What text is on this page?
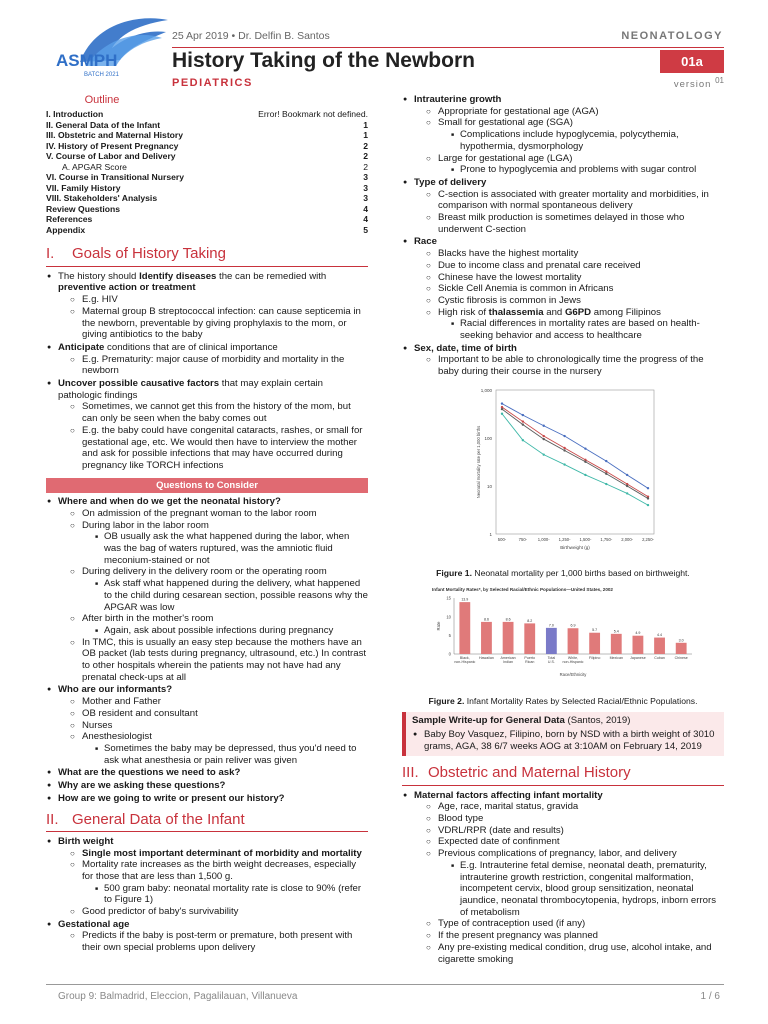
ASMPH
BATCH 2021
25 Apr 2019 • Dr. Delfin B. Santos	NEONATOLOGY
History Taking of the Newborn
PEDIATRICS
01a
version $^{01}$
Outline
I. Introduction	Error! Bookmark not defined.
II. General Data of the Infant	1
III. Obstetric and Maternal History	1
IV. History of Present Pregnancy	2
V. Course of Labor and Delivery	2
A. APGAR Score	2
VI. Course in Transitional Nursery	3
VII. Family History	3
VIII. Stakeholders' Analysis	3
Review Questions	4
References	4
Appendix	5
I. Goals of History Taking
● The history should Identify diseases the can be remedied with preventive action or treatment
○ E.g. HIV
○ Maternal group B streptococcal infection: can cause septicemia in the newborn, preventable by giving prophylaxis to the mom, or giving antibiotics to the baby
● Anticipate conditions that are of clinical importance
○ E.g. Prematurity: major cause of morbidity and mortality in the newborn
● Uncover possible causative factors that may explain certain pathologic findings
○ Sometimes, we cannot get this from the history of the mom, but can only be seen when the baby comes out
○ E.g. the baby could have congenital cataracts, rashes, or small for gestational age, etc. We would then have to interview the mother and ask for possible infections that may have occurred during pregnancy like TORCH infections
Questions to Consider
● Where and when do we get the neonatal history?
○ On admission of the pregnant woman to the labor room
○ During labor in the labor room
■ OB usually ask the what happened during the labor, when was the bag of waters ruptured, was the amniotic fluid meconium-stained or not
○ During delivery in the delivery room or the operating room
■ Ask staff what happened during the delivery, what happened to the child during cesarean section, possible reasons why the APGAR was low
○ After birth in the mother's room
■ Again, ask about possible infections during pregnancy
○ In TMC, this is usually an easy step because the mothers have an OB packet (lab tests during pregnancy, ultrasound, etc.) In contrast to other hospitals wherein the patients may not have had any prenatal check-ups at all
● Who are our informants?
○ Mother and Father
○ OB resident and consultant
○ Nurses
○ Anesthesiologist
■ Sometimes the baby may be depressed, thus you'd need to ask what anesthesia or pain reliver was given
● What are the questions we need to ask?
● Why are we asking these questions?
● How are we going to write or present our history?
II. General Data of the Infant
● Birth weight
○ Single most important determinant of morbidity and mortality
○ Mortality rate increases as the birth weight decreases, especially for those that are less than 1,500 g.
■ 500 gram baby: neonatal mortality rate is close to 90% (refer to Figure 1)
○ Good predictor of baby's survivability
● Gestational age
○ Predicts if the baby is post-term or premature, both present with their own special problems upon delivery
● Intrauterine growth
○ Appropriate for gestational age (AGA)
○ Small for gestational age (SGA)
■ Complications include hypoglycemia, polycythemia, hypothermia, dysmorphology
○ Large for gestational age (LGA)
■ Prone to hypoglycemia and problems with sugar control
● Type of delivery
○ C-section is associated with greater mortality and morbidities, in comparison with normal spontaneous delivery
○ Breast milk production is sometimes delayed in those who underwent C-section
● Race
○ Blacks have the highest mortality
○ Due to income class and prenatal care received
○ Chinese have the lowest mortality
○ Sickle Cell Anemia is common in Africans
○ Cystic fibrosis is common in Jews
○ High risk of thalassemia and G6PD among Filipinos
■ Racial differences in mortality rates are based on health-seeking behavior and access to healthcare
● Sex, date, time of birth
○ Important to be able to chronologically time the progress of the baby during their course in the nursery
1
10
100
1,000
500-	750-	1,000- 1,250- 1,500- 1,750- 2,000- 2,250-
Birthweight (g)
Neonatal mortality rate per 1,000 births
Figure 1. Neonatal mortality per 1,000 births based on birthweight.
Infant Mortality Rates*, by Selected Racial/Ethnic Populations—United States, 2002
0
5
10
15
Rate
13.9
Black,
non-Hispanic
8.6
Hawaiian
8.6
American
Indian
8.2
Puerto
Rican
7.0
Total
U.S.
6.9
White,
non-Hispanic
5.7
Filipino
5.4
Mexican
4.9
Japanese
4.4
Cuban
3.0
Chinese
Race/Ethnicity
Figure 2. Infant Mortality Rates by Selected Racial/Ethnic Populations.
Sample Write-up for General Data (Santos, 2019)
● Baby Boy Vasquez, Filipino, born by NSD with a birth weight of 3010 grams, AGA, 38 6/7 weeks AOG at 3:10AM on February 14, 2019
III. Obstetric and Maternal History
● Maternal factors affecting infant mortality
○ Age, race, marital status, gravida
○ Blood type
○ VDRL/RPR (date and results)
○ Expected date of confinment
○ Previous complications of pregnancy, labor, and delivery
■ E.g. Intrauterine fetal demise, neonatal death, prematurity, intrauterine growth restriction, congenital malformation, incompetent cervix, blood group sensitization, neonatal jaundice, neonatal thrombocytopenia, hydrops, inborn errors of metabolism
○ Type of contraception used (if any)
○ If the present pregnancy was planned
○ Any pre-existing medical condition, drug use, alcohol intake, and cigarette smoking
Group 9: Balmadrid, Eleccion, Pagalilauan, Villanueva	1 / 6
